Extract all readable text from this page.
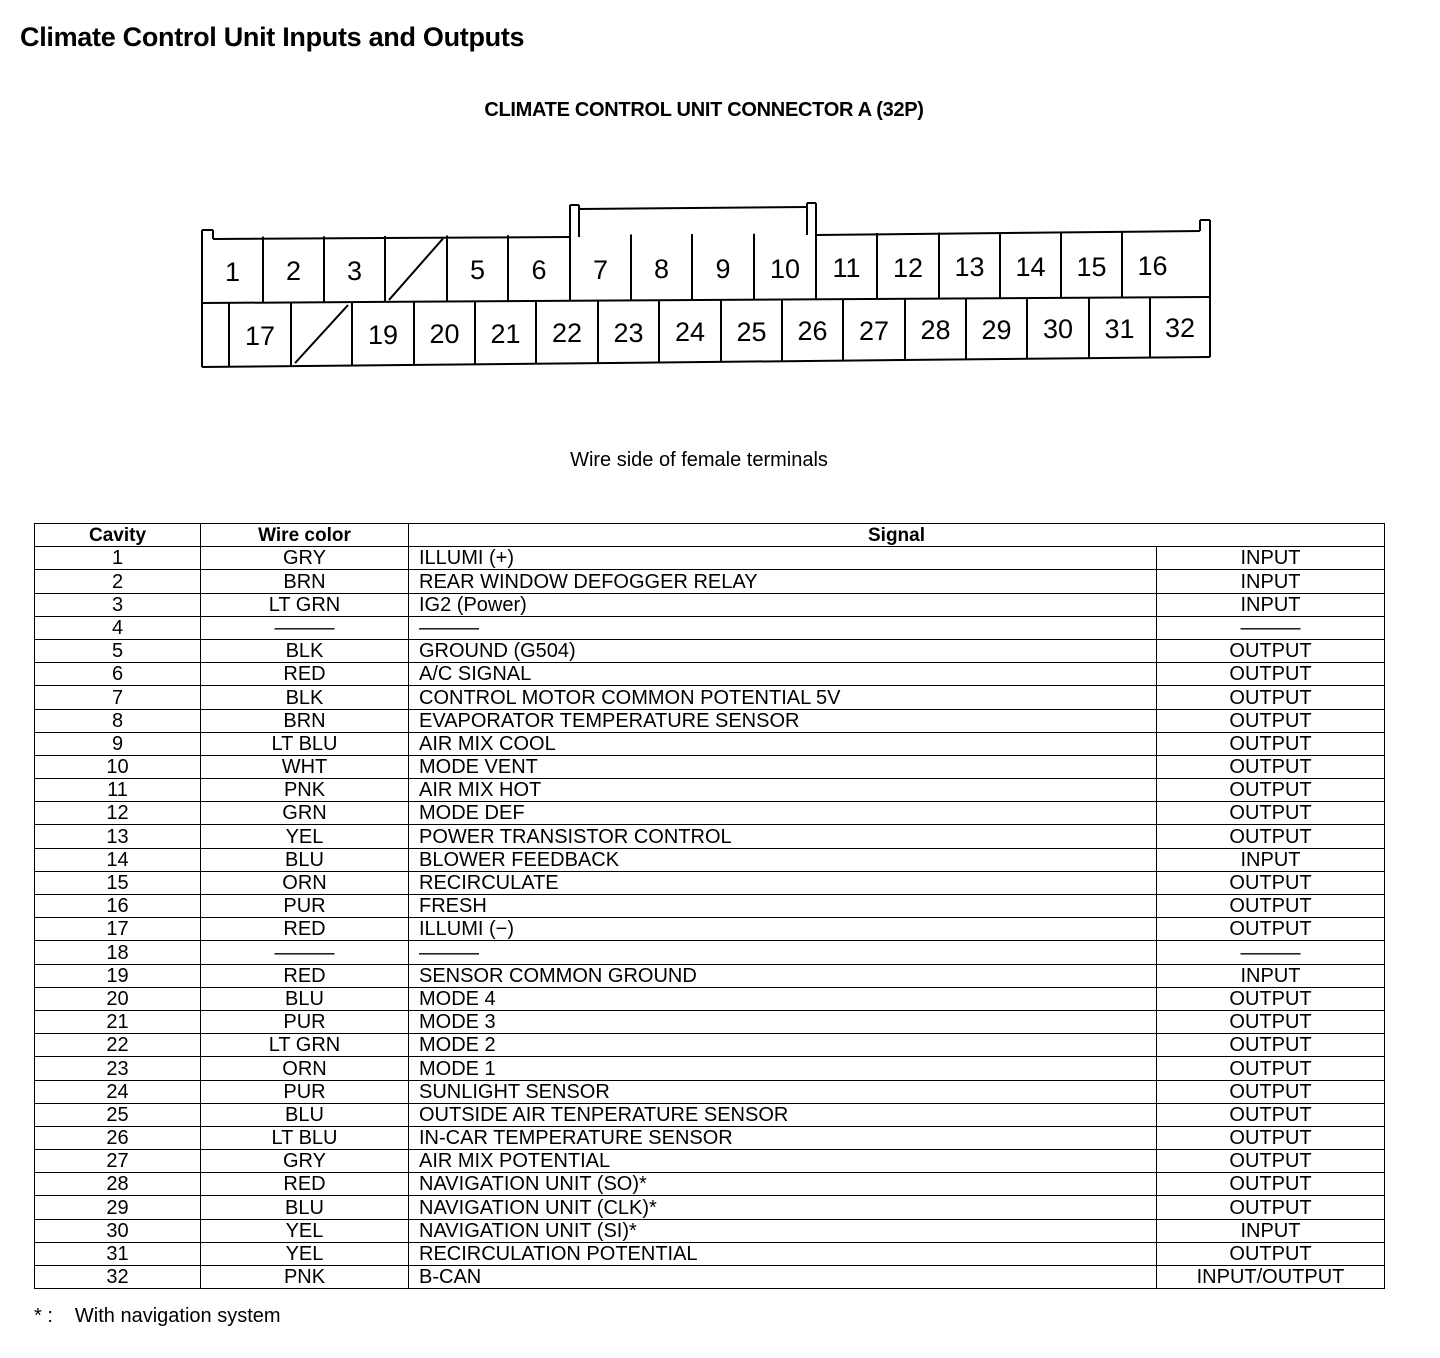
Climate Control Unit Inputs and Outputs
CLIMATE CONTROL UNIT CONNECTOR A (32P)
1	2	3	5	6	7	8	9	10	11	12	13	14	15	16
17	19	20	21	22	23	24	25	26	27	28	29	30	31	32
Wire side of female terminals
Cavity	Wire color	Signal	
1	GRY	ILLUMI (+)	INPUT
2	BRN	REAR WINDOW DEFOGGER RELAY	INPUT
3	LT GRN	IG2 (Power)	INPUT
4	———	———	———
5	BLK	GROUND (G504)	OUTPUT
6	RED	A/C SIGNAL	OUTPUT
7	BLK	CONTROL MOTOR COMMON POTENTIAL 5V	OUTPUT
8	BRN	EVAPORATOR TEMPERATURE SENSOR	OUTPUT
9	LT BLU	AIR MIX COOL	OUTPUT
10	WHT	MODE VENT	OUTPUT
11	PNK	AIR MIX HOT	OUTPUT
12	GRN	MODE DEF	OUTPUT
13	YEL	POWER TRANSISTOR CONTROL	OUTPUT
14	BLU	BLOWER FEEDBACK	INPUT
15	ORN	RECIRCULATE	OUTPUT
16	PUR	FRESH	OUTPUT
17	RED	ILLUMI (−)	OUTPUT
18	———	———	———
19	RED	SENSOR COMMON GROUND	INPUT
20	BLU	MODE 4	OUTPUT
21	PUR	MODE 3	OUTPUT
22	LT GRN	MODE 2	OUTPUT
23	ORN	MODE 1	OUTPUT
24	PUR	SUNLIGHT SENSOR	OUTPUT
25	BLU	OUTSIDE AIR TENPERATURE SENSOR	OUTPUT
26	LT BLU	IN-CAR TEMPERATURE SENSOR	OUTPUT
27	GRY	AIR MIX POTENTIAL	OUTPUT
28	RED	NAVIGATION UNIT (SO)*	OUTPUT
29	BLU	NAVIGATION UNIT (CLK)*	OUTPUT
30	YEL	NAVIGATION UNIT (SI)*	INPUT
31	YEL	RECIRCULATION POTENTIAL	OUTPUT
32	PNK	B-CAN	INPUT/OUTPUT
* : With navigation system
